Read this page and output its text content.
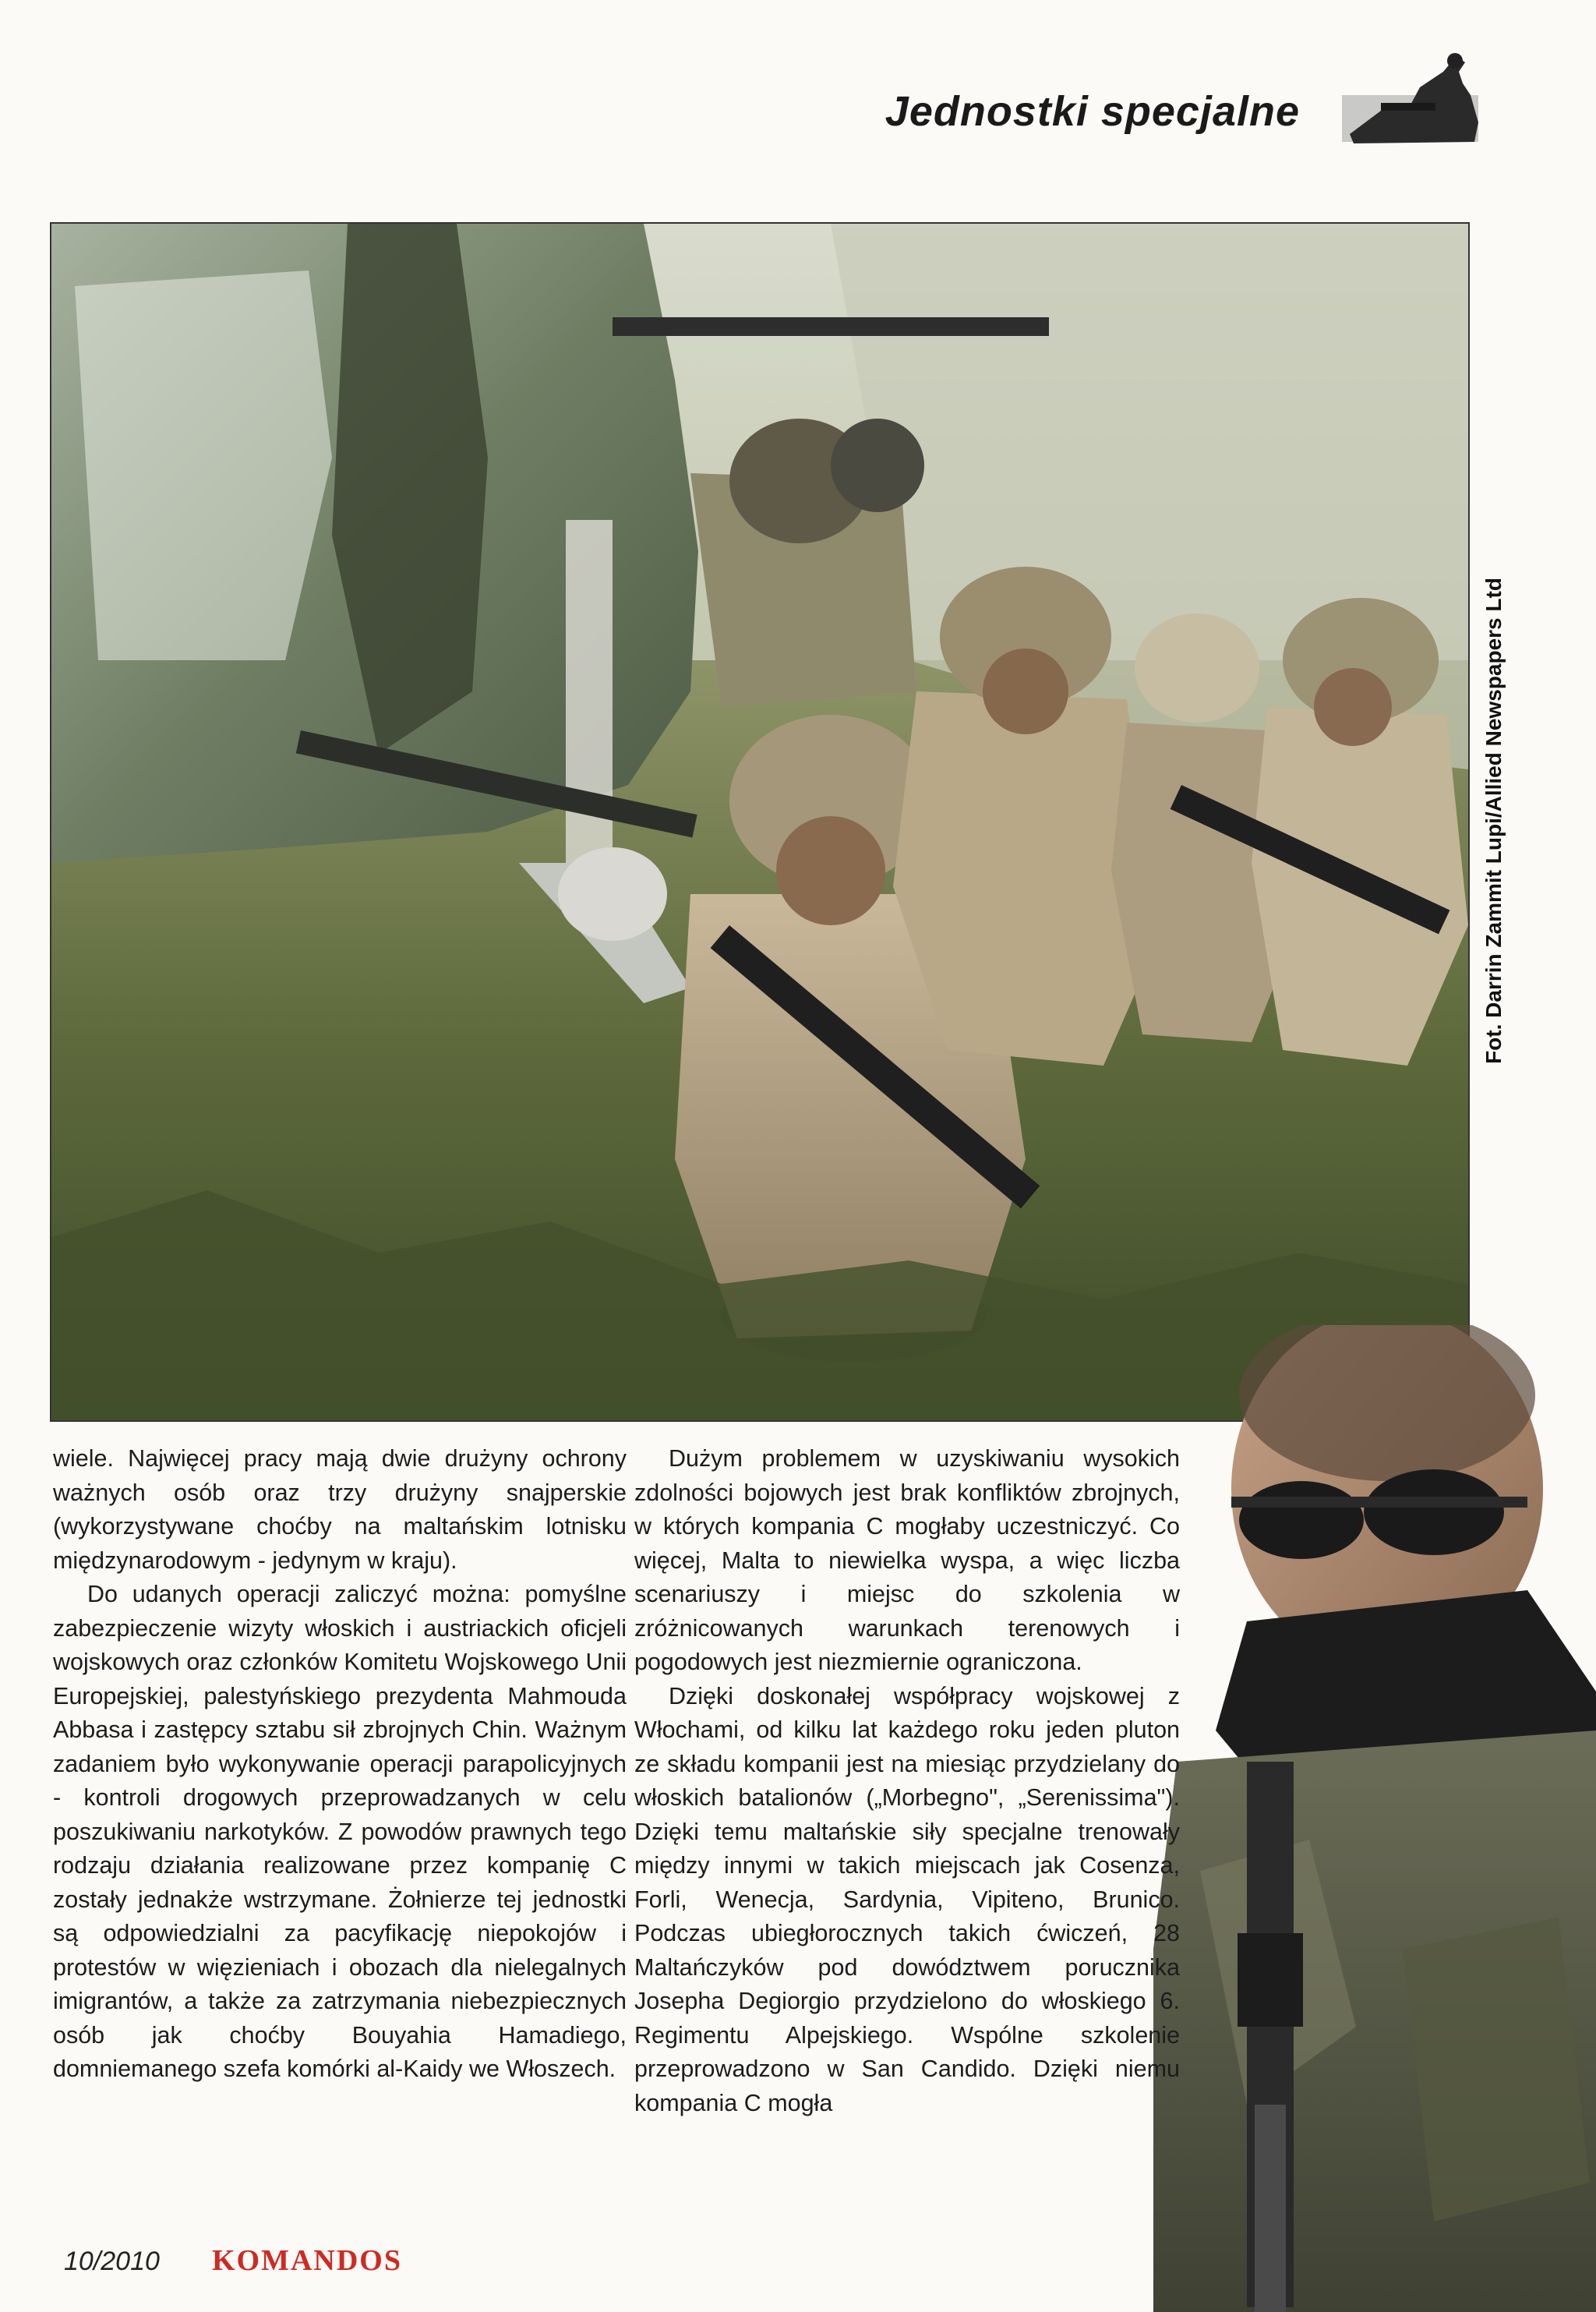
Jednostki specjalne
Fot. Darrin Zammit Lupi/Allied Newspapers Ltd

wiele. Najwięcej pracy mają dwie drużyny ochrony ważnych osób oraz trzy drużyny snajperskie (wykorzystywane choćby na maltańskim lotnisku międzynarodowym - jedynym w kraju).

Do udanych operacji zaliczyć można: pomyślne zabezpieczenie wizyty włoskich i austriackich oficjeli wojskowych oraz członków Komitetu Wojskowego Unii Europejskiej, palestyńskiego prezydenta Mahmouda Abbasa i zastępcy sztabu sił zbrojnych Chin. Ważnym zadaniem było wykonywanie operacji parapolicyjnych - kontroli drogowych przeprowadzanych w celu poszukiwaniu narkotyków. Z powodów prawnych tego rodzaju działania realizowane przez kompanię C zostały jednakże wstrzymane. Żołnierze tej jednostki są odpowiedzialni za pacyfikację niepokojów i protestów w więzieniach i obozach dla nielegalnych imigrantów, a także za zatrzymania niebezpiecznych osób jak choćby Bouyahia Hamadiego, domniemanego szefa komórki al-Kaidy we Włoszech.

Dużym problemem w uzyskiwaniu wysokich zdolności bojowych jest brak konfliktów zbrojnych, w których kompania C mogłaby uczestniczyć. Co więcej, Malta to niewielka wyspa, a więc liczba scenariuszy i miejsc do szkolenia w zróżnicowanych warunkach terenowych i pogodowych jest niezmiernie ograniczona.

Dzięki doskonałej współpracy wojskowej z Włochami, od kilku lat każdego roku jeden pluton ze składu kompanii jest na miesiąc przydzielany do włoskich batalionów („Morbegno", „Serenissima"). Dzięki temu maltańskie siły specjalne trenowały między innymi w takich miejscach jak Cosenza, Forli, Wenecja, Sardynia, Vipiteno, Brunico. Podczas ubiegłorocznych takich ćwiczeń, 28 Maltańczyków pod dowództwem porucznika Josepha Degiorgio przydzielono do włoskiego 6. Regimentu Alpejskiego. Wspólne szkolenie przeprowadzono w San Candido. Dzięki niemu kompania C mogła

10/2010 KOMANDOS
